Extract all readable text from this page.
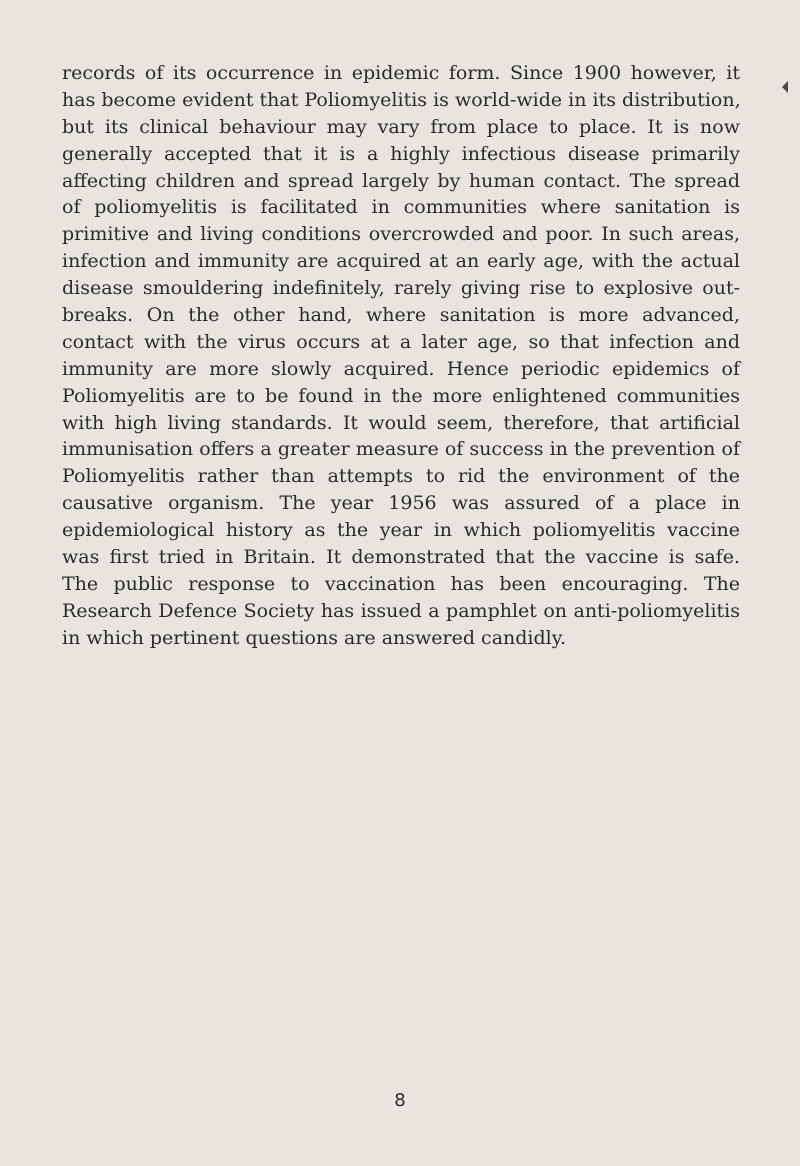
records of its occurrence in epidemic form. Since 1900 however, it
has become evident that Poliomyelitis is world-wide in its distribution,
but its clinical behaviour may vary from place to place. It is now
generally accepted that it is a highly infectious disease primarily
affecting children and spread largely by human contact. The spread
of poliomyelitis is facilitated in communities where sanitation is
primitive and living conditions overcrowded and poor. In such areas,
infection and immunity are acquired at an early age, with the actual
disease smouldering indefinitely, rarely giving rise to explosive out-
breaks. On the other hand, where sanitation is more advanced,
contact with the virus occurs at a later age, so that infection and
immunity are more slowly acquired. Hence periodic epidemics of
Poliomyelitis are to be found in the more enlightened communities
with high living standards. It would seem, therefore, that artificial
immunisation offers a greater measure of success in the prevention of
Poliomyelitis rather than attempts to rid the environment of the
causative organism. The year 1956 was assured of a place in
epidemiological history as the year in which poliomyelitis vaccine
was first tried in Britain. It demonstrated that the vaccine is safe.
The public response to vaccination has been encouraging. The
Research Defence Society has issued a pamphlet on anti-poliomyelitis
in which pertinent questions are answered candidly.
8
